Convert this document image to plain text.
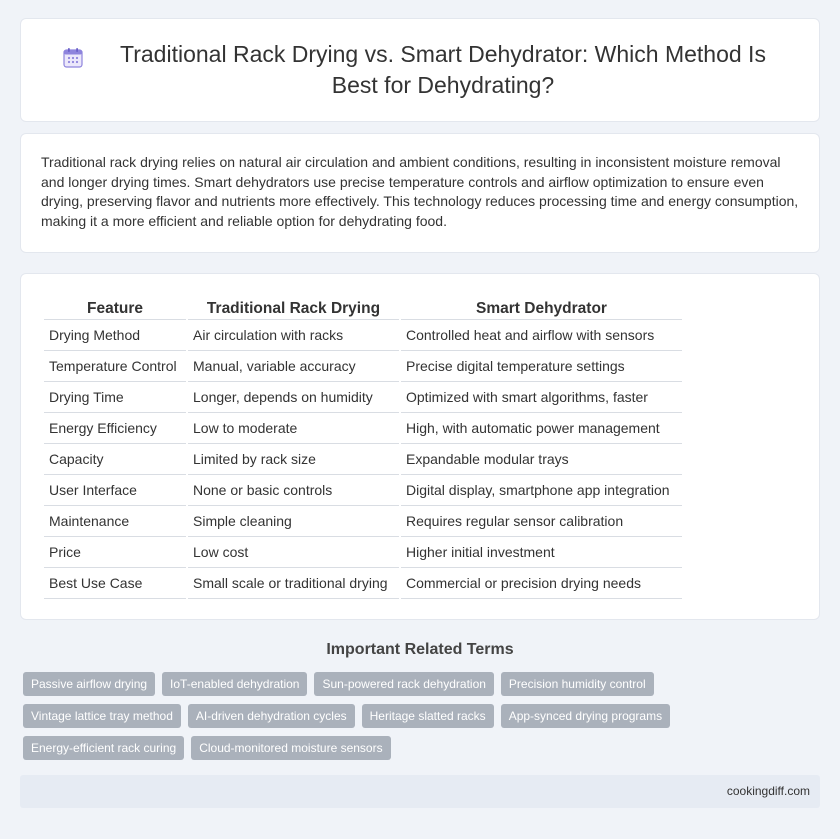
Traditional Rack Drying vs. Smart Dehydrator: Which Method Is Best for Dehydrating?

Traditional rack drying relies on natural air circulation and ambient conditions, resulting in inconsistent moisture removal and longer drying times. Smart dehydrators use precise temperature controls and airflow optimization to ensure even drying, preserving flavor and nutrients more effectively. This technology reduces processing time and energy consumption, making it a more efficient and reliable option for dehydrating food.

Feature	Traditional Rack Drying	Smart Dehydrator
Drying Method	Air circulation with racks	Controlled heat and airflow with sensors
Temperature Control	Manual, variable accuracy	Precise digital temperature settings
Drying Time	Longer, depends on humidity	Optimized with smart algorithms, faster
Energy Efficiency	Low to moderate	High, with automatic power management
Capacity	Limited by rack size	Expandable modular trays
User Interface	None or basic controls	Digital display, smartphone app integration
Maintenance	Simple cleaning	Requires regular sensor calibration
Price	Low cost	Higher initial investment
Best Use Case	Small scale or traditional drying	Commercial or precision drying needs
Important Related Terms
Passive airflow drying	IoT-enabled dehydration	Sun-powered rack dehydration	Precision humidity control
Vintage lattice tray method	AI-driven dehydration cycles	Heritage slatted racks	App-synced drying programs
Energy-efficient rack curing	Cloud-monitored moisture sensors
cookingdiff.com
